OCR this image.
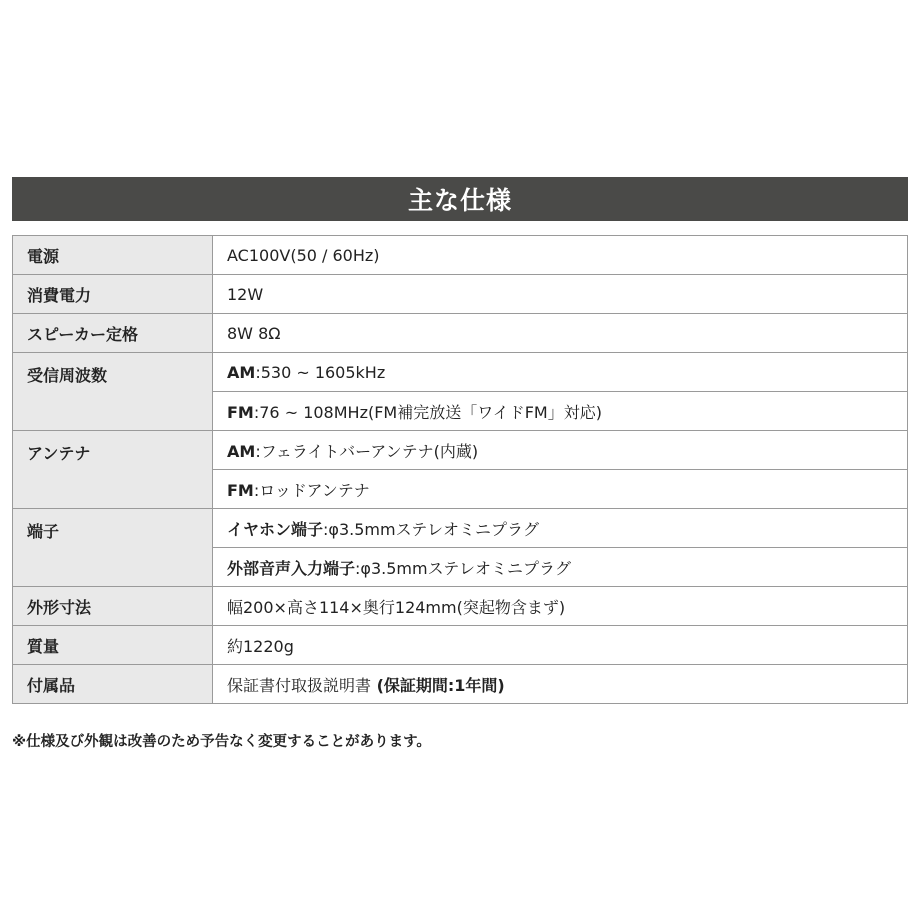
主な仕様
電源	AC100V(50 / 60Hz)
消費電力	12W
スピーカー定格	8W 8Ω
受信周波数	AM:530 ~ 1605kHz
	FM:76 ~ 108MHz(FM補完放送「ワイドFM」対応)
アンテナ	AM:フェライトバーアンテナ(内蔵)
	FM:ロッドアンテナ
端子	イヤホン端子:φ3.5mmステレオミニプラグ
	外部音声入力端子:φ3.5mmステレオミニプラグ
外形寸法	幅200×高さ114×奥行124mm(突起物含まず)
質量	約1220g
付属品	保証書付取扱説明書 (保証期間:1年間)
※仕様及び外観は改善のため予告なく変更することがあります。
